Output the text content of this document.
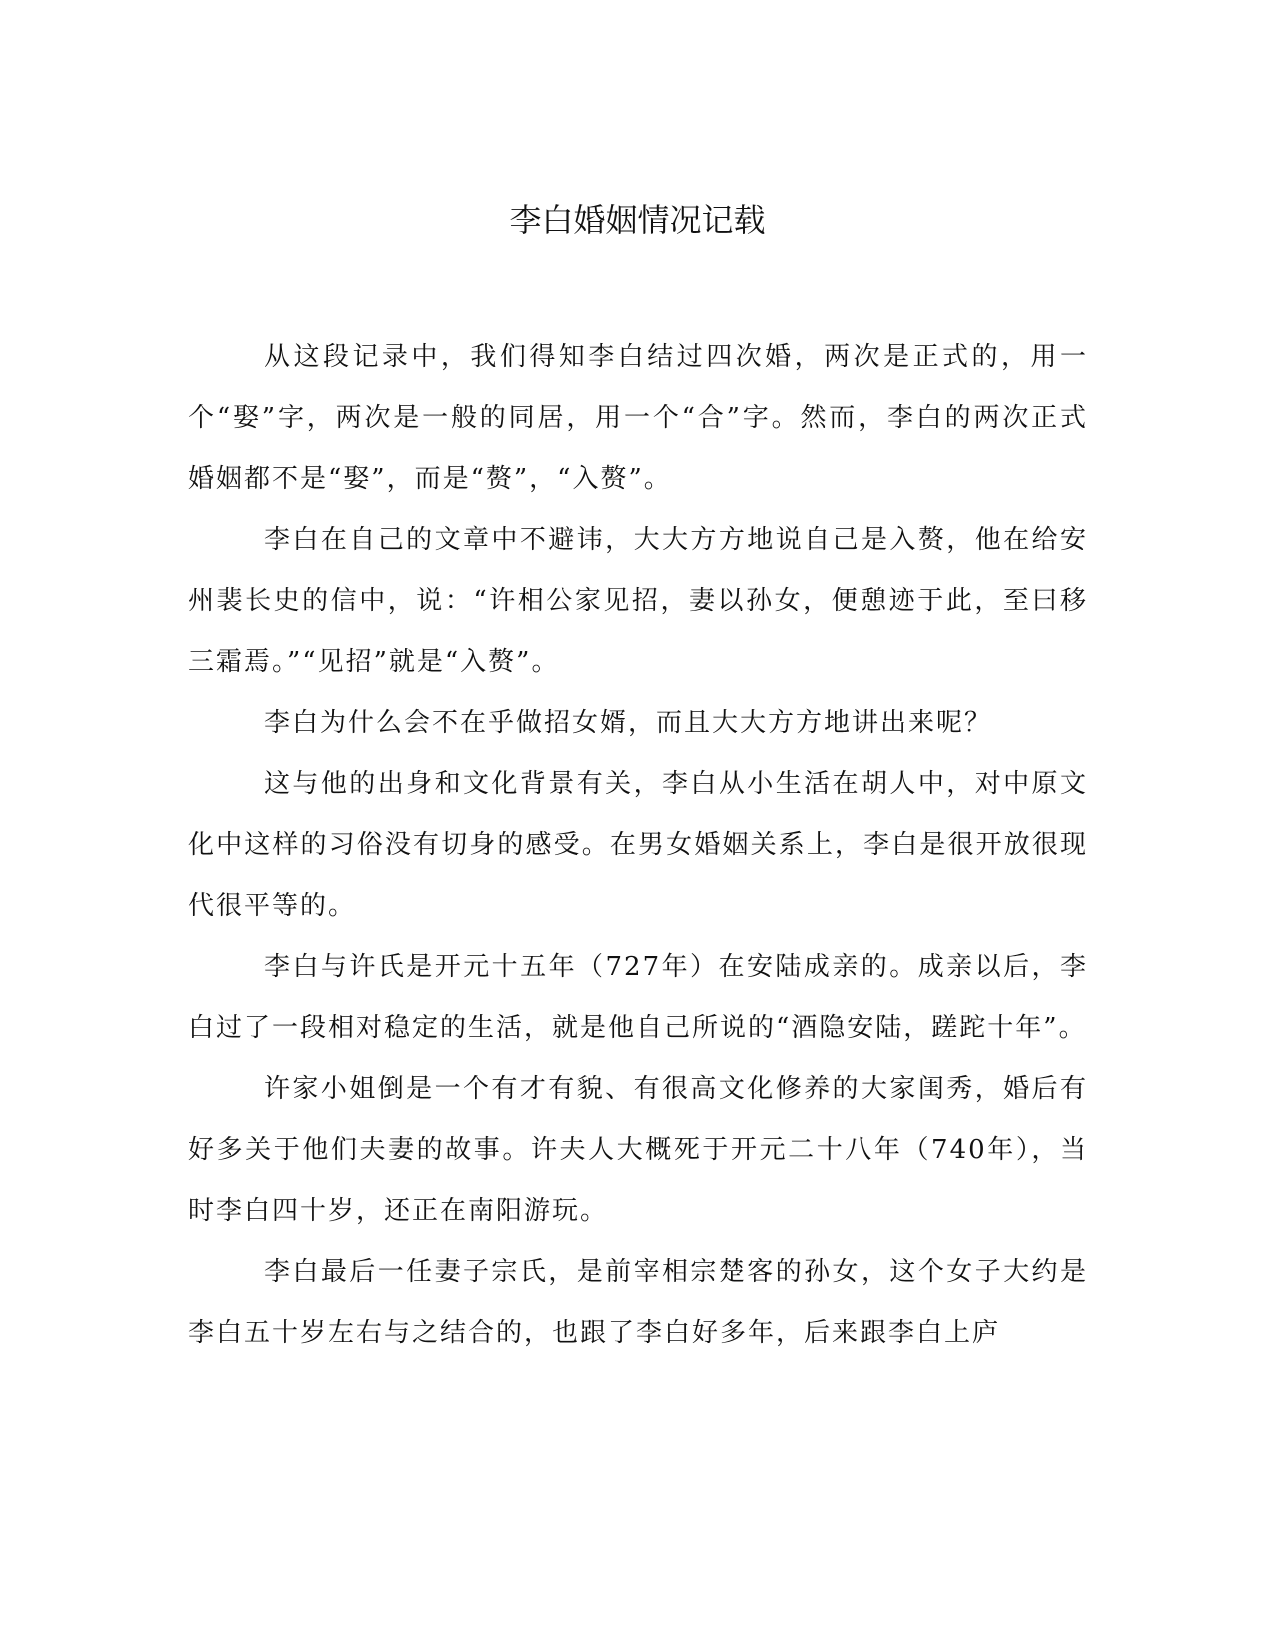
李白婚姻情况记载

从这段记录中，我们得知李白结过四次婚，两次是正式的，用一个“娶”字，两次是一般的同居，用一个“合”字。然而，李白的两次正式婚姻都不是“娶”，而是“赘”，“入赘”。

李白在自己的文章中不避讳，大大方方地说自己是入赘，他在给安州裴长史的信中，说：“许相公家见招，妻以孙女，便憩迹于此，至曰移三霜焉。”“见招”就是“入赘”。

李白为什么会不在乎做招女婿，而且大大方方地讲出来呢？

这与他的出身和文化背景有关，李白从小生活在胡人中，对中原文化中这样的习俗没有切身的感受。在男女婚姻关系上，李白是很开放很现代很平等的。

李白与许氏是开元十五年（727年）在安陆成亲的。成亲以后，李白过了一段相对稳定的生活，就是他自己所说的“酒隐安陆，蹉跎十年”。

许家小姐倒是一个有才有貌、有很高文化修养的大家闺秀，婚后有好多关于他们夫妻的故事。许夫人大概死于开元二十八年（740年），当时李白四十岁，还正在南阳游玩。

李白最后一任妻子宗氏，是前宰相宗楚客的孙女，这个女子大约是李白五十岁左右与之结合的，也跟了李白好多年，后来跟李白上庐
